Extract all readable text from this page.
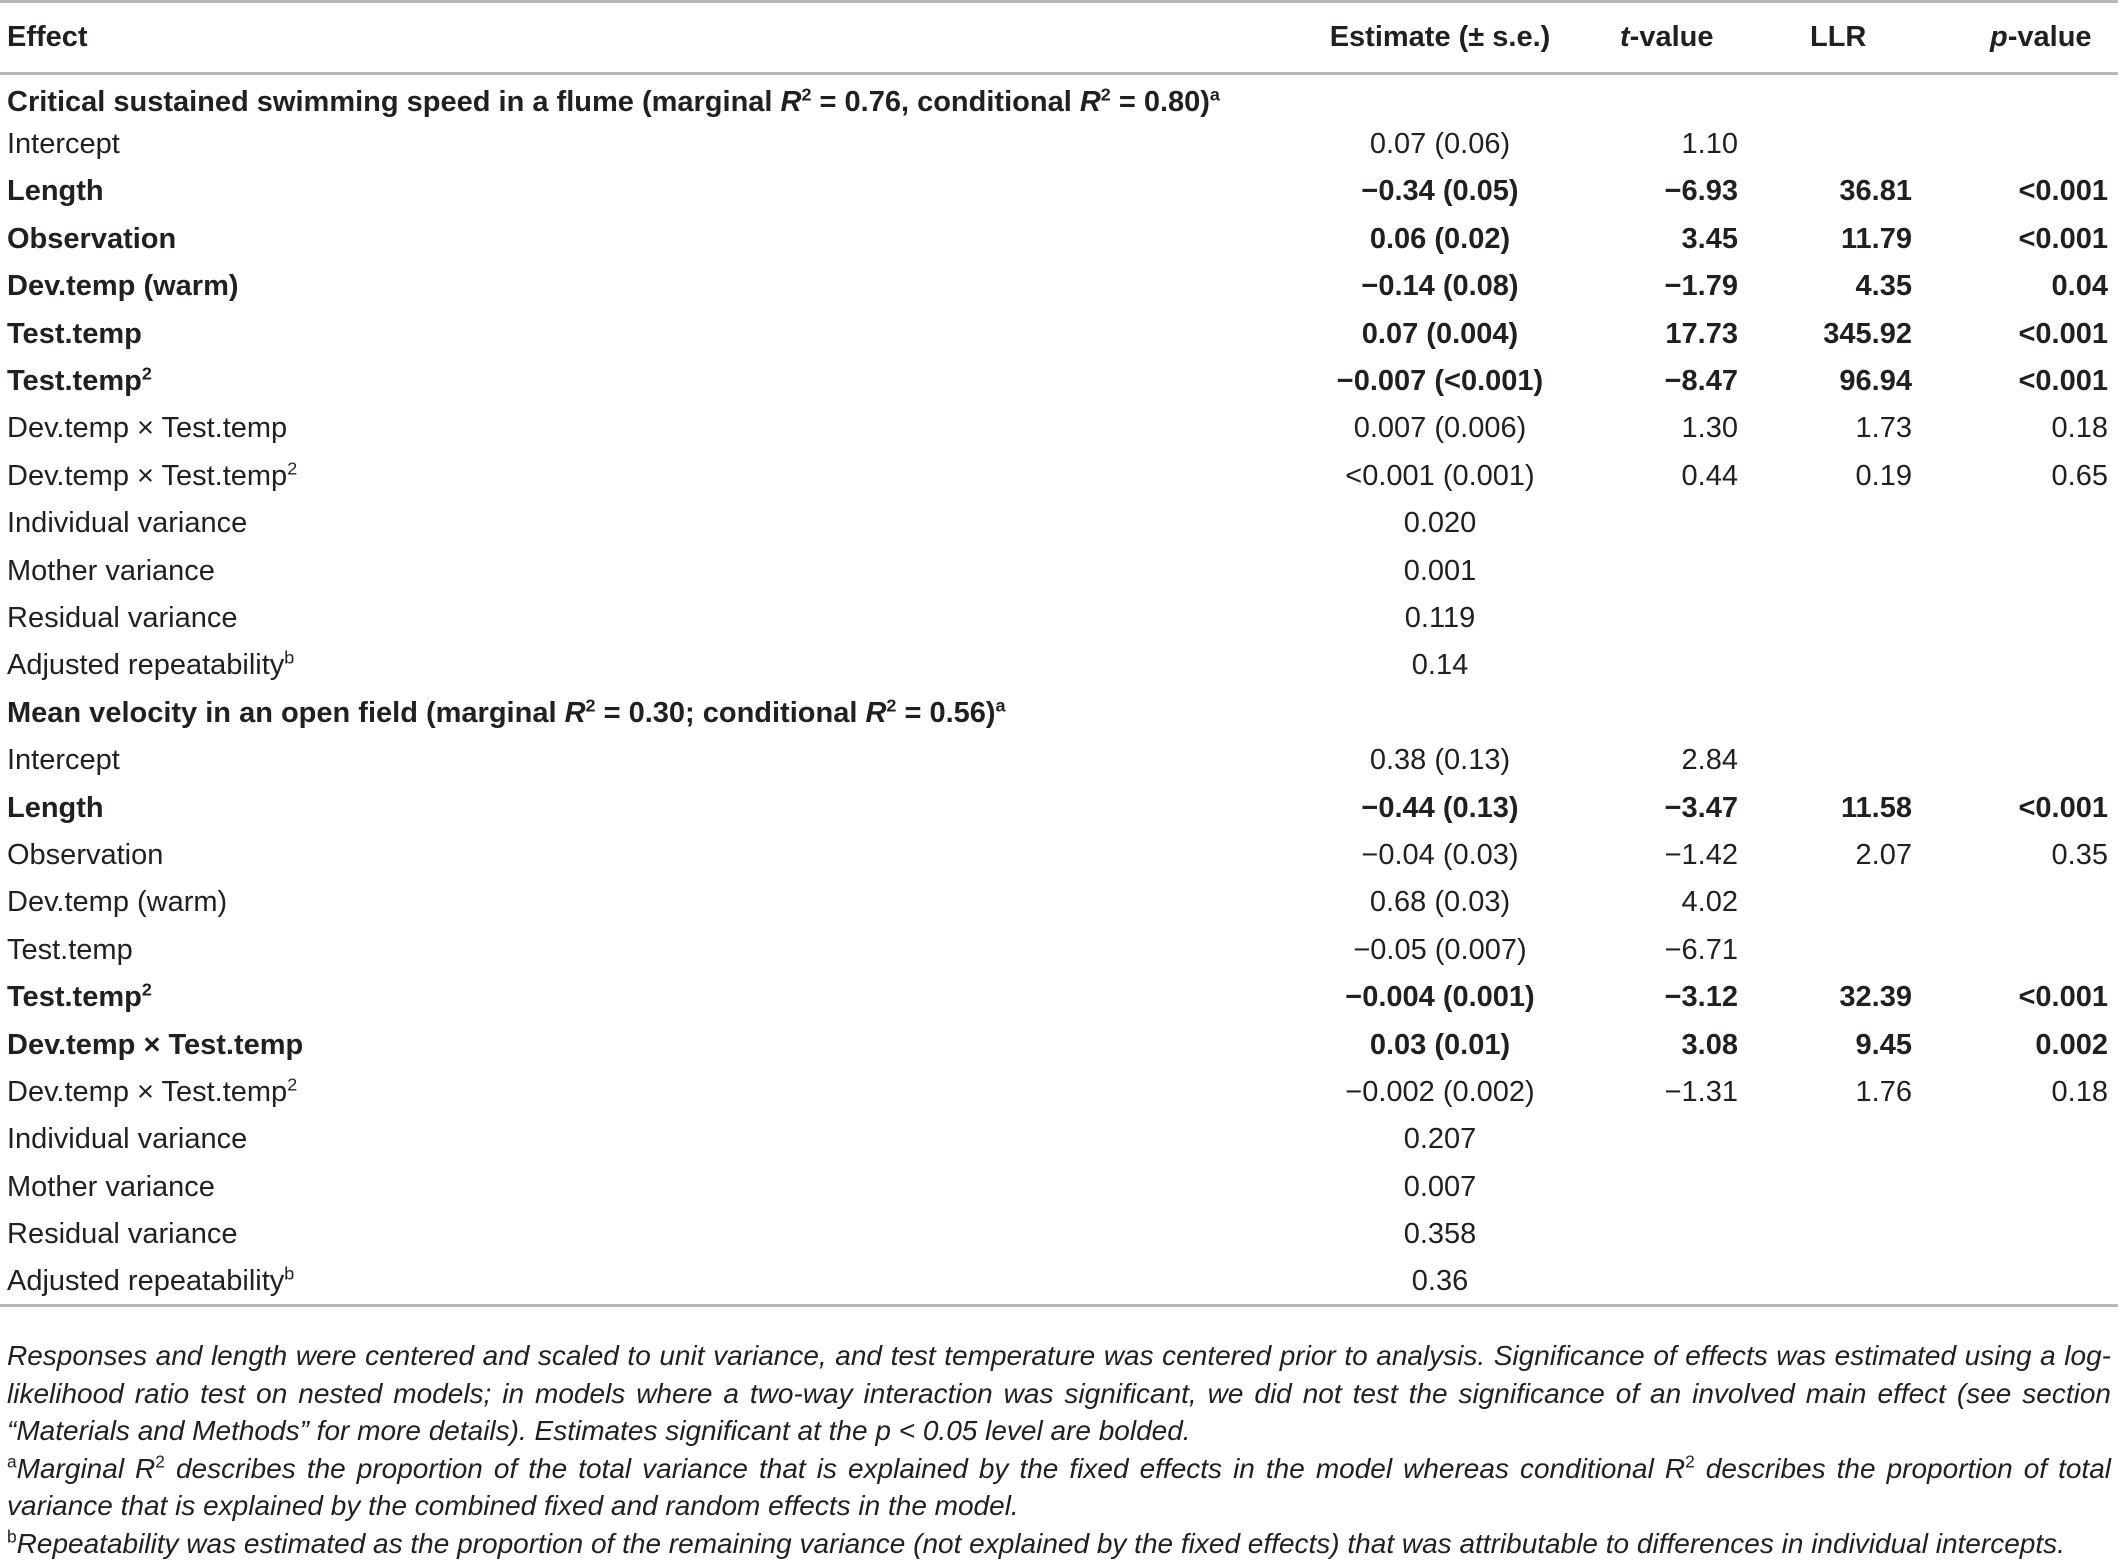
Effect	Estimate (± s.e.)	t-value	LLR	p-value
Critical sustained swimming speed in a flume (marginal $R^2 = 0.76$, conditional $R^2 = 0.80)^a$
Intercept	0.07 (0.06)	1.10		
Length	−0.34 (0.05)	−6.93	36.81	<0.001
Observation	0.06 (0.02)	3.45	11.79	<0.001
Dev.temp (warm)	−0.14 (0.08)	−1.79	4.35	0.04
Test.temp	0.07 (0.004)	17.73	345.92	<0.001
Test.temp$^2$	−0.007 (<0.001)	−8.47	96.94	<0.001
Dev.temp × Test.temp	0.007 (0.006)	1.30	1.73	0.18
Dev.temp × Test.temp$^2$	<0.001 (0.001)	0.44	0.19	0.65
Individual variance	0.020			
Mother variance	0.001			
Residual variance	0.119			
Adjusted repeatability$^b$	0.14			
Mean velocity in an open field (marginal $R^2 = 0.30$; conditional $R^2 = 0.56)^a$
Intercept	0.38 (0.13)	2.84		
Length	−0.44 (0.13)	−3.47	11.58	<0.001
Observation	−0.04 (0.03)	−1.42	2.07	0.35
Dev.temp (warm)	0.68 (0.03)	4.02		
Test.temp	−0.05 (0.007)	−6.71		
Test.temp$^2$	−0.004 (0.001)	−3.12	32.39	<0.001
Dev.temp × Test.temp	0.03 (0.01)	3.08	9.45	0.002
Dev.temp × Test.temp$^2$	−0.002 (0.002)	−1.31	1.76	0.18
Individual variance	0.207			
Mother variance	0.007			
Residual variance	0.358			
Adjusted repeatability$^b$	0.36			

Responses and length were centered and scaled to unit variance, and test temperature was centered prior to analysis. Significance of effects was estimated using a log-likelihood ratio test on nested models; in models where a two-way interaction was significant, we did not test the significance of an involved main effect (see section “Materials and Methods” for more details). Estimates significant at the p < 0.05 level are bolded.

$^a$Marginal $R^2$ describes the proportion of the total variance that is explained by the fixed effects in the model whereas conditional $R^2$ describes the proportion of total variance that is explained by the combined fixed and random effects in the model.

$^b$Repeatability was estimated as the proportion of the remaining variance (not explained by the fixed effects) that was attributable to differences in individual intercepts.
